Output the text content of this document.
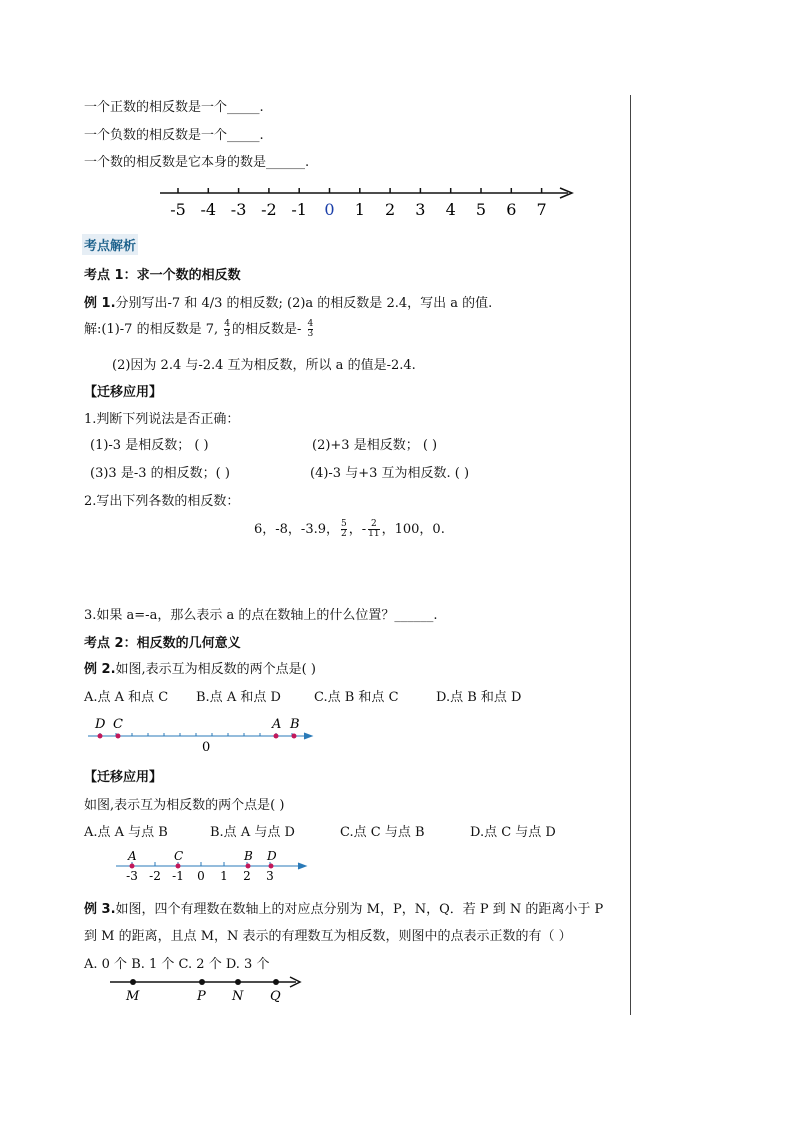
一个正数的相反数是一个_____.
一个负数的相反数是一个_____.
一个数的相反数是它本身的数是______.
-5 -4 -3 -2 -1 0 1 2 3 4 5 6 7
考点解析
考点 1：求一个数的相反数
例 1.分别写出-7 和 4/3 的相反数; (2)a 的相反数是 2.4，写出 a 的值.
解:(1)-7 的相反数是 7, $\frac{4}{3}$ 的相反数是- $\frac{4}{3}$
(2)因为 2.4 与-2.4 互为相反数，所以 a 的值是-2.4.
【迁移应用】
1.判断下列说法是否正确：
(1)-3 是相反数； ( )	(2)+3 是相反数； ( )
(3)3 是-3 的相反数；( )	(4)-3 与+3 互为相反数. ( )
2.写出下列各数的相反数：
6，-8，-3.9， $\frac{5}{2}$ ，- $\frac{2}{11}$ ，100，0.
3.如果 a=-a，那么表示 a 的点在数轴上的什么位置？______.
考点 2：相反数的几何意义
例 2.如图,表示互为相反数的两个点是( )
A.点 A 和点 C B.点 A 和点 D	C.点 B 和点 C	D.点 B 和点 D
D C	A B
0
【迁移应用】
如图,表示互为相反数的两个点是( )
A.点 A 与点 B	B.点 A 与点 D	C.点 C 与点 B	D.点 C 与点 D
-3 -2 -1 0 1 2 3
A	C	B D
例 3.如图，四个有理数在数轴上的对应点分别为 M，P，N，Q．若 P 到 N 的距离小于 P
到 M 的距离，且点 M，N 表示的有理数互为相反数，则图中的点表示正数的有（ ）
A. 0 个 B. 1 个 C. 2 个 D. 3 个
M	P N Q
